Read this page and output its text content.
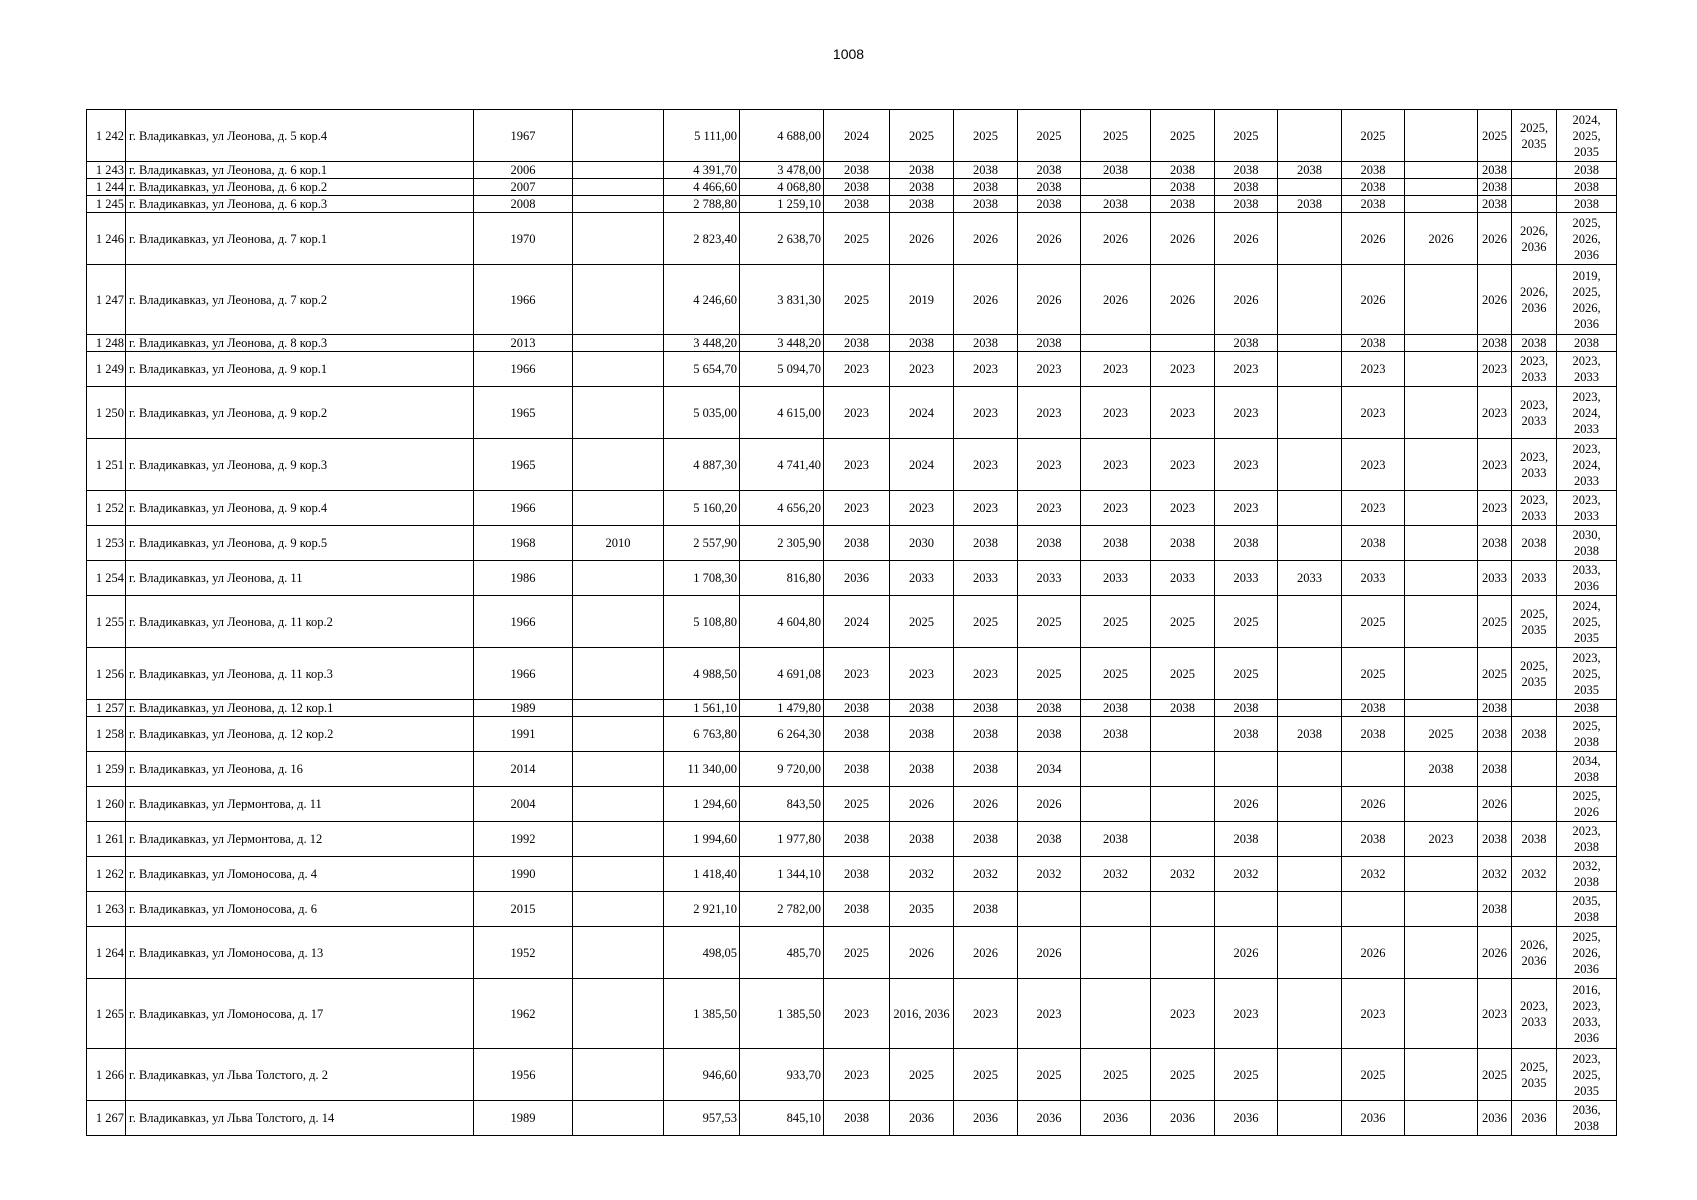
1008
1 242	г. Владикавказ, ул Леонова, д. 5 кор.4	1967		5 111,00	4 688,00	2024	2025	2025	2025	2025	2025	2025		2025		2025	2025, 2035	2024, 2025, 2035
1 243	г. Владикавказ, ул Леонова, д. 6 кор.1	2006		4 391,70	3 478,00	2038	2038	2038	2038	2038	2038	2038	2038	2038		2038		2038
1 244	г. Владикавказ, ул Леонова, д. 6 кор.2	2007		4 466,60	4 068,80	2038	2038	2038	2038		2038	2038		2038		2038		2038
1 245	г. Владикавказ, ул Леонова, д. 6 кор.3	2008		2 788,80	1 259,10	2038	2038	2038	2038	2038	2038	2038	2038	2038		2038		2038
1 246	г. Владикавказ, ул Леонова, д. 7 кор.1	1970		2 823,40	2 638,70	2025	2026	2026	2026	2026	2026	2026		2026	2026	2026	2026, 2036	2025, 2026, 2036
1 247	г. Владикавказ, ул Леонова, д. 7 кор.2	1966		4 246,60	3 831,30	2025	2019	2026	2026	2026	2026	2026		2026		2026	2026, 2036	2019, 2025, 2026, 2036
1 248	г. Владикавказ, ул Леонова, д. 8 кор.3	2013		3 448,20	3 448,20	2038	2038	2038	2038			2038		2038		2038	2038	2038
1 249	г. Владикавказ, ул Леонова, д. 9 кор.1	1966		5 654,70	5 094,70	2023	2023	2023	2023	2023	2023	2023		2023		2023	2023, 2033	2023, 2033
1 250	г. Владикавказ, ул Леонова, д. 9 кор.2	1965		5 035,00	4 615,00	2023	2024	2023	2023	2023	2023	2023		2023		2023	2023, 2033	2023, 2024, 2033
1 251	г. Владикавказ, ул Леонова, д. 9 кор.3	1965		4 887,30	4 741,40	2023	2024	2023	2023	2023	2023	2023		2023		2023	2023, 2033	2023, 2024, 2033
1 252	г. Владикавказ, ул Леонова, д. 9 кор.4	1966		5 160,20	4 656,20	2023	2023	2023	2023	2023	2023	2023		2023		2023	2023, 2033	2023, 2033
1 253	г. Владикавказ, ул Леонова, д. 9 кор.5	1968	2010	2 557,90	2 305,90	2038	2030	2038	2038	2038	2038	2038		2038		2038	2038	2030, 2038
1 254	г. Владикавказ, ул Леонова, д. 11	1986		1 708,30	816,80	2036	2033	2033	2033	2033	2033	2033	2033	2033		2033	2033	2033, 2036
1 255	г. Владикавказ, ул Леонова, д. 11 кор.2	1966		5 108,80	4 604,80	2024	2025	2025	2025	2025	2025	2025		2025		2025	2025, 2035	2024, 2025, 2035
1 256	г. Владикавказ, ул Леонова, д. 11 кор.3	1966		4 988,50	4 691,08	2023	2023	2023	2025	2025	2025	2025		2025		2025	2025, 2035	2023, 2025, 2035
1 257	г. Владикавказ, ул Леонова, д. 12 кор.1	1989		1 561,10	1 479,80	2038	2038	2038	2038	2038	2038	2038		2038		2038		2038
1 258	г. Владикавказ, ул Леонова, д. 12 кор.2	1991		6 763,80	6 264,30	2038	2038	2038	2038	2038		2038	2038	2038	2025	2038	2038	2025, 2038
1 259	г. Владикавказ, ул Леонова, д. 16	2014		11 340,00	9 720,00	2038	2038	2038	2034						2038	2038		2034, 2038
1 260	г. Владикавказ, ул Лермонтова, д. 11	2004		1 294,60	843,50	2025	2026	2026	2026			2026		2026		2026		2025, 2026
1 261	г. Владикавказ, ул Лермонтова, д. 12	1992		1 994,60	1 977,80	2038	2038	2038	2038	2038		2038		2038	2023	2038	2038	2023, 2038
1 262	г. Владикавказ, ул Ломоносова, д. 4	1990		1 418,40	1 344,10	2038	2032	2032	2032	2032	2032	2032		2032		2032	2032	2032, 2038
1 263	г. Владикавказ, ул Ломоносова, д. 6	2015		2 921,10	2 782,00	2038	2035	2038								2038		2035, 2038
1 264	г. Владикавказ, ул Ломоносова, д. 13	1952		498,05	485,70	2025	2026	2026	2026			2026		2026		2026	2026, 2036	2025, 2026, 2036
1 265	г. Владикавказ, ул Ломоносова, д. 17	1962		1 385,50	1 385,50	2023	2016, 2036	2023	2023		2023	2023		2023		2023	2023, 2033	2016, 2023, 2033, 2036
1 266	г. Владикавказ, ул Льва Толстого, д. 2	1956		946,60	933,70	2023	2025	2025	2025	2025	2025	2025		2025		2025	2025, 2035	2023, 2025, 2035
1 267	г. Владикавказ, ул Льва Толстого, д. 14	1989		957,53	845,10	2038	2036	2036	2036	2036	2036	2036		2036		2036	2036	2036, 2038
